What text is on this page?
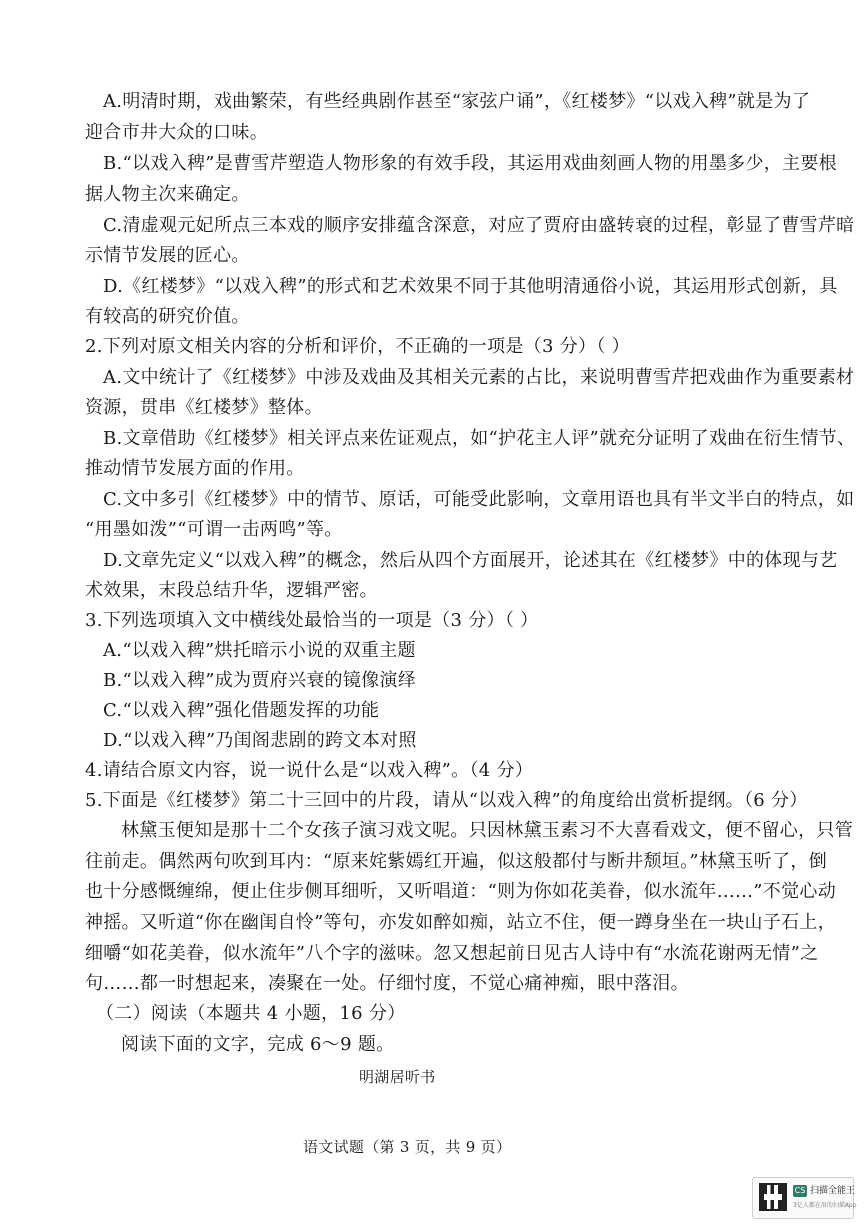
A.明清时期，戏曲繁荣，有些经典剧作甚至“家弦户诵”，《红楼梦》“以戏入稗”就是为了
迎合市井大众的口味。
B.“以戏入稗”是曹雪芹塑造人物形象的有效手段，其运用戏曲刻画人物的用墨多少，主要根
据人物主次来确定。
C.清虚观元妃所点三本戏的顺序安排蕴含深意，对应了贾府由盛转衰的过程，彰显了曹雪芹暗
示情节发展的匠心。
D.《红楼梦》“以戏入稗”的形式和艺术效果不同于其他明清通俗小说，其运用形式创新，具
有较高的研究价值。
2.下列对原文相关内容的分析和评价，不正确的一项是（3 分）（ ）
A.文中统计了《红楼梦》中涉及戏曲及其相关元素的占比，来说明曹雪芹把戏曲作为重要素材
资源，贯串《红楼梦》整体。
B.文章借助《红楼梦》相关评点来佐证观点，如“护花主人评”就充分证明了戏曲在衍生情节、
推动情节发展方面的作用。
C.文中多引《红楼梦》中的情节、原话，可能受此影响，文章用语也具有半文半白的特点，如
“用墨如泼”“可谓一击两鸣”等。
D.文章先定义“以戏入稗”的概念，然后从四个方面展开，论述其在《红楼梦》中的体现与艺
术效果，末段总结升华，逻辑严密。
3.下列选项填入文中横线处最恰当的一项是（3 分）（ ）
A.“以戏入稗”烘托暗示小说的双重主题
B.“以戏入稗”成为贾府兴衰的镜像演绎
C.“以戏入稗”强化借题发挥的功能
D.“以戏入稗”乃闺阁悲剧的跨文本对照
4.请结合原文内容，说一说什么是“以戏入稗”。（4 分）
5.下面是《红楼梦》第二十三回中的片段，请从“以戏入稗”的角度给出赏析提纲。（6 分）
林黛玉便知是那十二个女孩子演习戏文呢。只因林黛玉素习不大喜看戏文，便不留心，只管
往前走。偶然两句吹到耳内：“原来姹紫嫣红开遍，似这般都付与断井颓垣。”林黛玉听了，倒
也十分感慨缠绵，便止住步侧耳细听，又听唱道：“则为你如花美眷，似水流年……”不觉心动
神摇。又听道“你在幽闺自怜”等句，亦发如醉如痴，站立不住，便一蹲身坐在一块山子石上，
细嚼“如花美眷，似水流年”八个字的滋味。忽又想起前日见古人诗中有“水流花谢两无情”之
句……都一时想起来，凑聚在一处。仔细忖度，不觉心痛神痴，眼中落泪。
（二）阅读（本题共 4 小题，16 分）
阅读下面的文字，完成 6～9 题。
明湖居听书
语文试题（第 3 页，共 9 页）
CS 扫描全能王
3亿人都在用的扫描App
